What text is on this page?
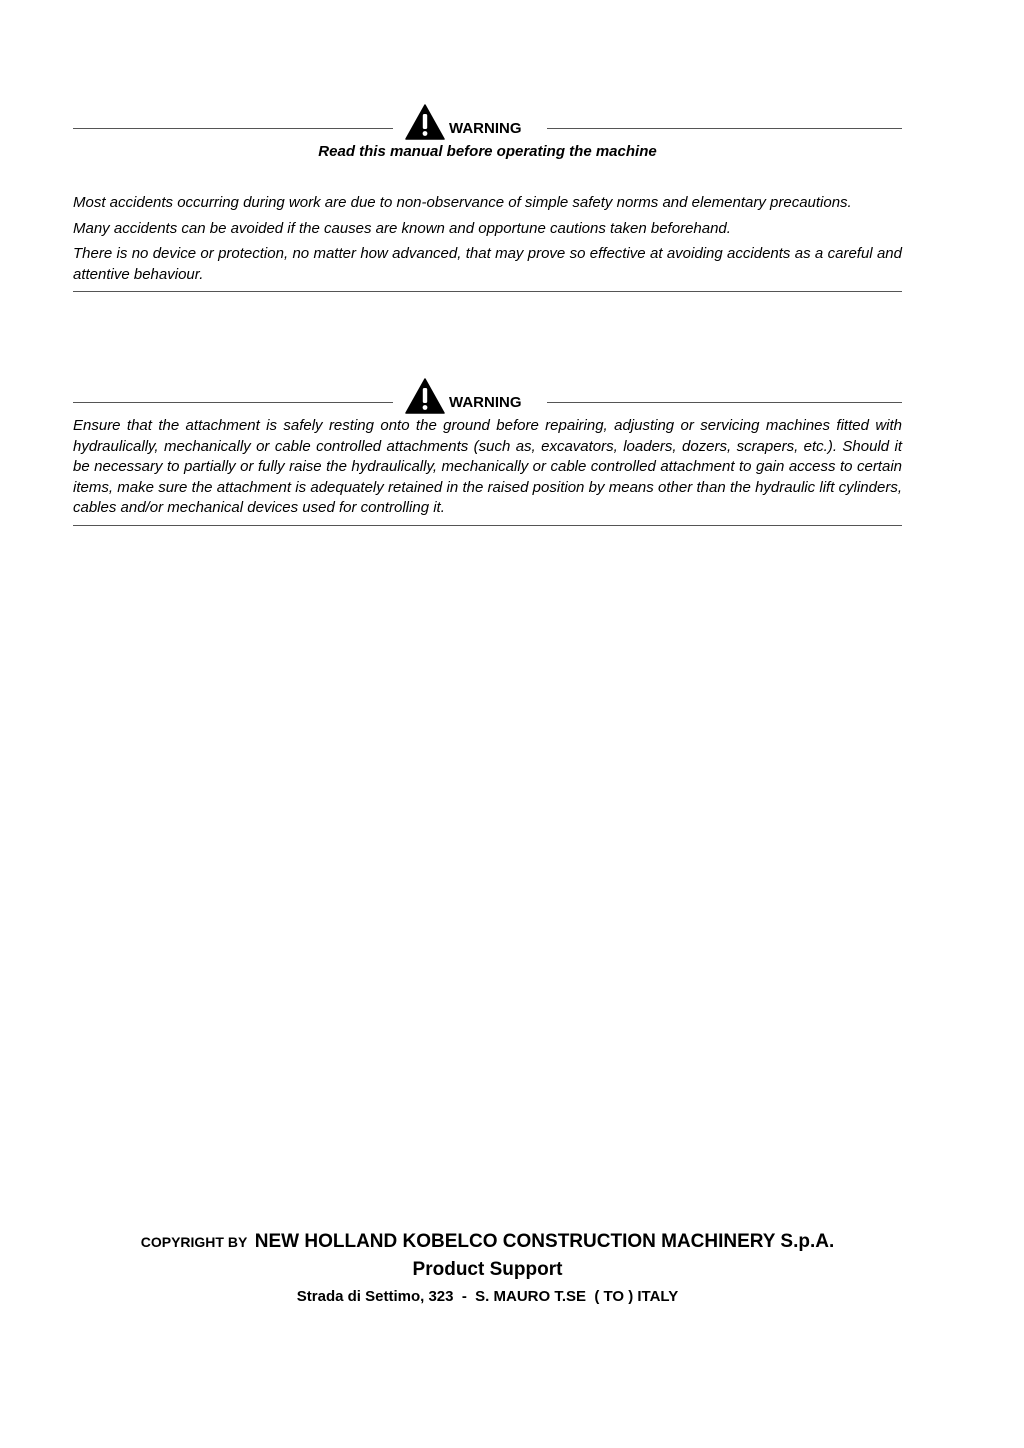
WARNING

Read this manual before operating the machine

Most accidents occurring during work are due to non-observance of simple safety norms and elementary precautions.

Many accidents can be avoided if the causes are known and opportune cautions taken beforehand.

There is no device or protection, no matter how advanced, that may prove so effective at avoiding accidents as a careful and attentive behaviour.

WARNING

Ensure that the attachment is safely resting onto the ground before repairing, adjusting or servicing machines fitted with hydraulically, mechanically or cable controlled attachments (such as, excavators, loaders, dozers, scrapers, etc.). Should it be necessary to partially or fully raise the hydraulically, mechanically or cable controlled attachment to gain access to certain items, make sure the attachment is adequately retained in the raised position by means other than the hydraulic lift cylinders, cables and/or mechanical devices used for controlling it.

COPYRIGHT BY NEW HOLLAND KOBELCO CONSTRUCTION MACHINERY S.p.A.
Product Support
Strada di Settimo, 323  -  S. MAURO T.SE  ( TO ) ITALY
